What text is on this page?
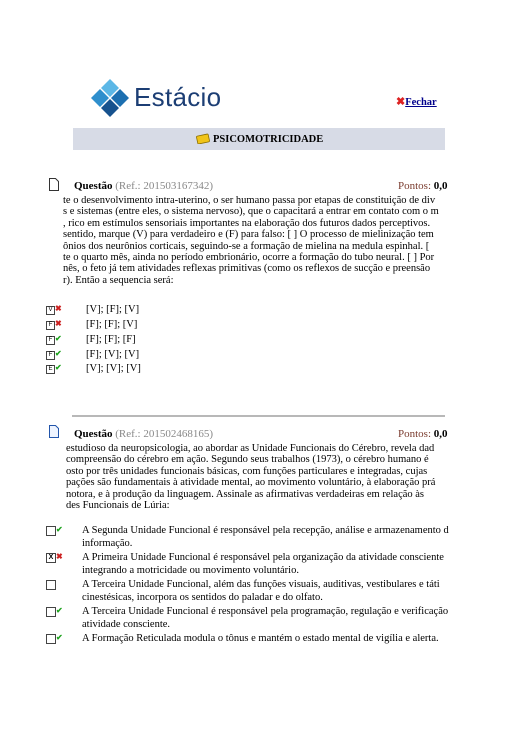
Estácio	✖Fechar
PSICOMOTRICIDADE
Questão (Ref.: 201503167342)	Pontos: 0,0
te o desenvolvimento intra-uterino, o ser humano passa por etapas de constituição de div
s e sistemas (entre eles, o sistema nervoso), que o capacitará a entrar em contato com o m
, rico em estímulos sensoriais importantes na elaboração dos futuros dados perceptivos.
sentido, marque (V) para verdadeiro e (F) para falso: [ ] O processo de mielinização tem
ônios dos neurônios corticais, seguindo-se a formação de mielina na medula espinhal. [
te o quarto mês, ainda no período embrionário, ocorre a formação do tubo neural. [ ] Por
nês, o feto já tem atividades reflexas primitivas (como os reflexos de sucção e preensão
r). Então a sequencia será:
V ✖ [V]; [F]; [V]
F ✖ [F]; [F]; [V]
F ✔ [F]; [F]; [F]
F ✔ [F]; [V]; [V]
E ✔ [V]; [V]; [V]
Questão (Ref.: 201502468165)	Pontos: 0,0
estudioso da neuropsicologia, ao abordar as Unidade Funcionais do Cérebro, revela dad
compreensão do cérebro em ação. Segundo seus trabalhos (1973), o cérebro humano é
osto por três unidades funcionais básicas, com funções particulares e integradas, cujas
pações são fundamentais à atividade mental, ao movimento voluntário, à elaboração prá
notora, e à produção da linguagem. Assinale as afirmativas verdadeiras em relação às
des Funcionais de Lúria:
✔ A Segunda Unidade Funcional é responsável pela recepção, análise e armazenamento d
informação.
X ✖ A Primeira Unidade Funcional é responsável pela organização da atividade consciente
integrando a motricidade ou movimento voluntário.
A Terceira Unidade Funcional, além das funções visuais, auditivas, vestibulares e táti
cinestésicas, incorpora os sentidos do paladar e do olfato.
✔ A Terceira Unidade Funcional é responsável pela programação, regulação e verificação
atividade consciente.
✔ A Formação Reticulada modula o tônus e mantém o estado mental de vigília e alerta.
